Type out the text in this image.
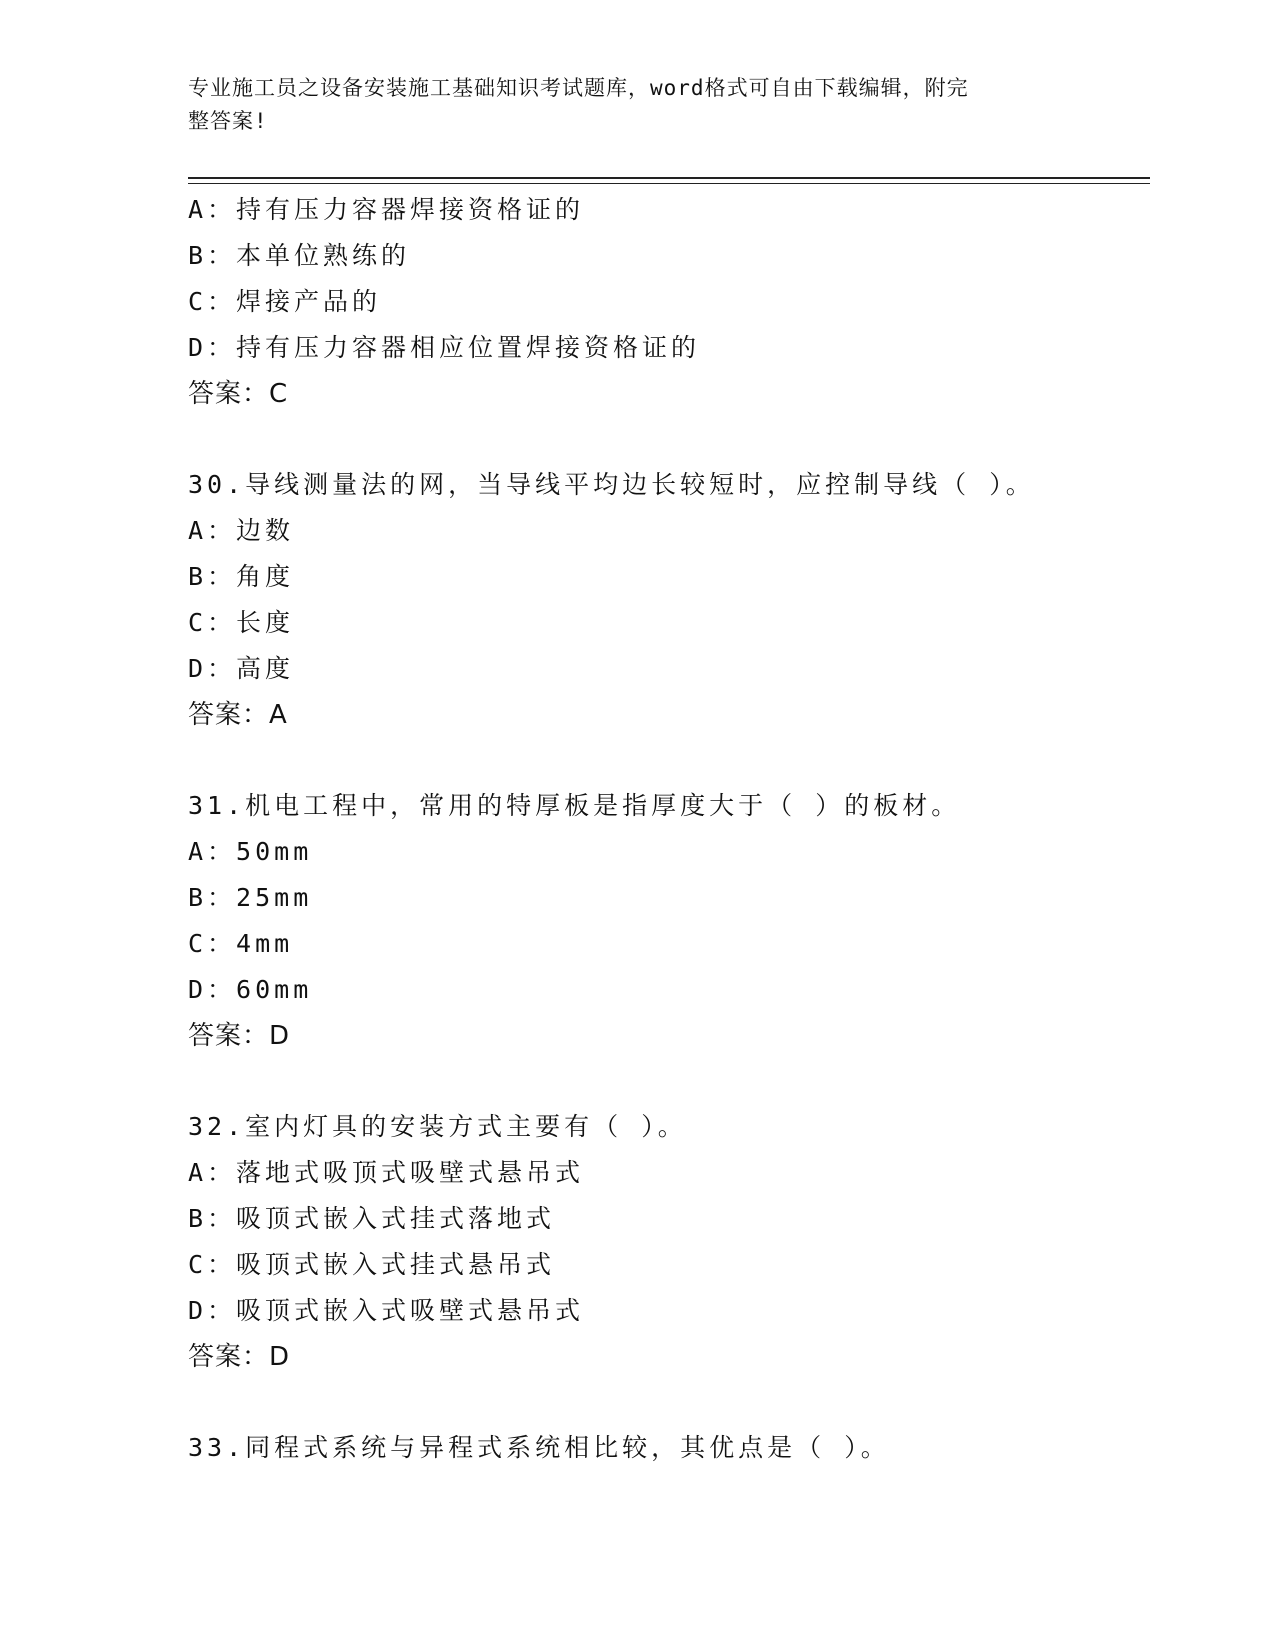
专业施工员之设备安装施工基础知识考试题库，word格式可自由下载编辑，附完
整答案!
A：持有压力容器焊接资格证的
B：本单位熟练的
C：焊接产品的
D：持有压力容器相应位置焊接资格证的
答案：C
30.导线测量法的网，当导线平均边长较短时，应控制导线（ ）。
A：边数
B：角度
C：长度
D：高度
答案：A
31.机电工程中，常用的特厚板是指厚度大于（ ）的板材。
A：50mm
B：25mm
C：4mm
D：60mm
答案：D
32.室内灯具的安装方式主要有（ ）。
A：落地式吸顶式吸壁式悬吊式
B：吸顶式嵌入式挂式落地式
C：吸顶式嵌入式挂式悬吊式
D：吸顶式嵌入式吸壁式悬吊式
答案：D
33.同程式系统与异程式系统相比较，其优点是（ ）。
